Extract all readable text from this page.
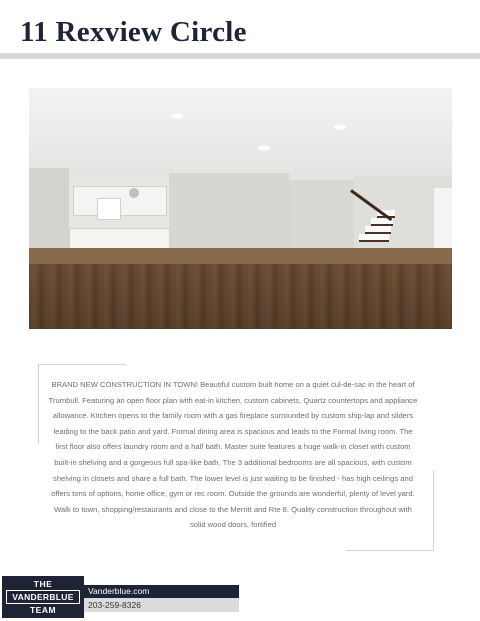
11 Rexview Circle

BRAND NEW CONSTRUCTION IN TOWN! Beautiful custom built home on a quiet cul-de-sac in the heart of Trumbull. Featuring an open floor plan with eat-in kitchen, custom cabinets, Quartz countertops and appliance allowance. Kitchen opens to the family room with a gas fireplace surrounded by custom ship-lap and sliders leading to the back patio and yard. Formal dining area is spacious and leads to the Formal living room. The first floor also offers laundry room and a half bath. Master suite features a huge walk-in closet with custom built-in shelving and a gorgeous full spa-like bath. The 3 additional bedrooms are all spacious, with custom shelving in closets and share a full bath. The lower level is just waiting to be finished - has high ceilings and offers tons of options, home office, gym or rec room. Outside the grounds are wonderful, plenty of level yard. Walk to town, shopping/restaurants and close to the Merritt and Rte 8. Quality construction throughout with solid wood doors, fortified

THE
VANDERBLUE
TEAM
Vanderblue.com
203-259-8326
